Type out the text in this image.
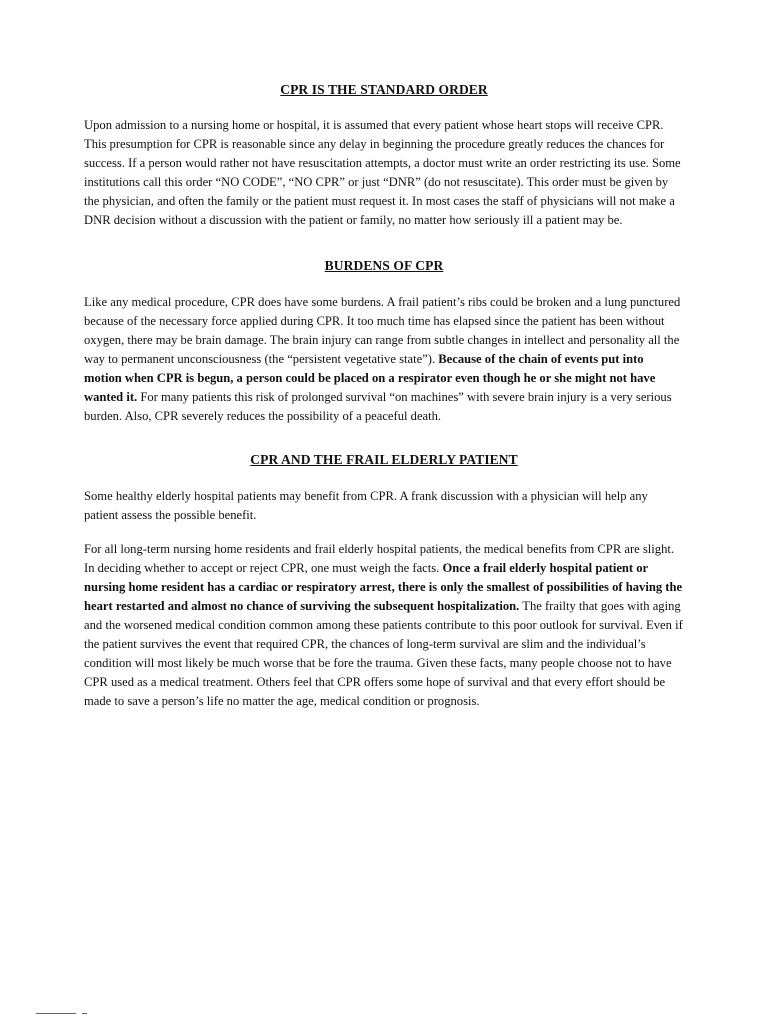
CPR IS THE STANDARD ORDER

Upon admission to a nursing home or hospital, it is assumed that every patient whose heart stops will receive CPR. This presumption for CPR is reasonable since any delay in beginning the procedure greatly reduces the chances for success. If a person would rather not have resuscitation attempts, a doctor must write an order restricting its use. Some institutions call this order “NO CODE”, “NO CPR” or just “DNR” (do not resuscitate). This order must be given by the physician, and often the family or the patient must request it. In most cases the staff of physicians will not make a DNR decision without a discussion with the patient or family, no matter how seriously ill a patient may be.

BURDENS OF CPR

Like any medical procedure, CPR does have some burdens. A frail patient’s ribs could be broken and a lung punctured because of the necessary force applied during CPR. It too much time has elapsed since the patient has been without oxygen, there may be brain damage. The brain injury can range from subtle changes in intellect and personality all the way to permanent unconsciousness (the “persistent vegetative state”). Because of the chain of events put into motion when CPR is begun, a person could be placed on a respirator even though he or she might not have wanted it. For many patients this risk of prolonged survival “on machines” with severe brain injury is a very serious burden. Also, CPR severely reduces the possibility of a peaceful death.

CPR AND THE FRAIL ELDERLY PATIENT

Some healthy elderly hospital patients may benefit from CPR. A frank discussion with a physician will help any patient assess the possible benefit.

For all long-term nursing home residents and frail elderly hospital patients, the medical benefits from CPR are slight. In deciding whether to accept or reject CPR, one must weigh the facts. Once a frail elderly hospital patient or nursing home resident has a cardiac or respiratory arrest, there is only the smallest of possibilities of having the heart restarted and almost no chance of surviving the subsequent hospitalization. The frailty that goes with aging and the worsened medical condition common among these patients contribute to this poor outlook for survival. Even if the patient survives the event that required CPR, the chances of long-term survival are slim and the individual’s condition will most likely be much worse that be fore the trauma. Given these facts, many people choose not to have CPR used as a medical treatment. Others feel that CPR offers some hope of survival and that every effort should be made to save a person’s life no matter the age, medical condition or prognosis.
